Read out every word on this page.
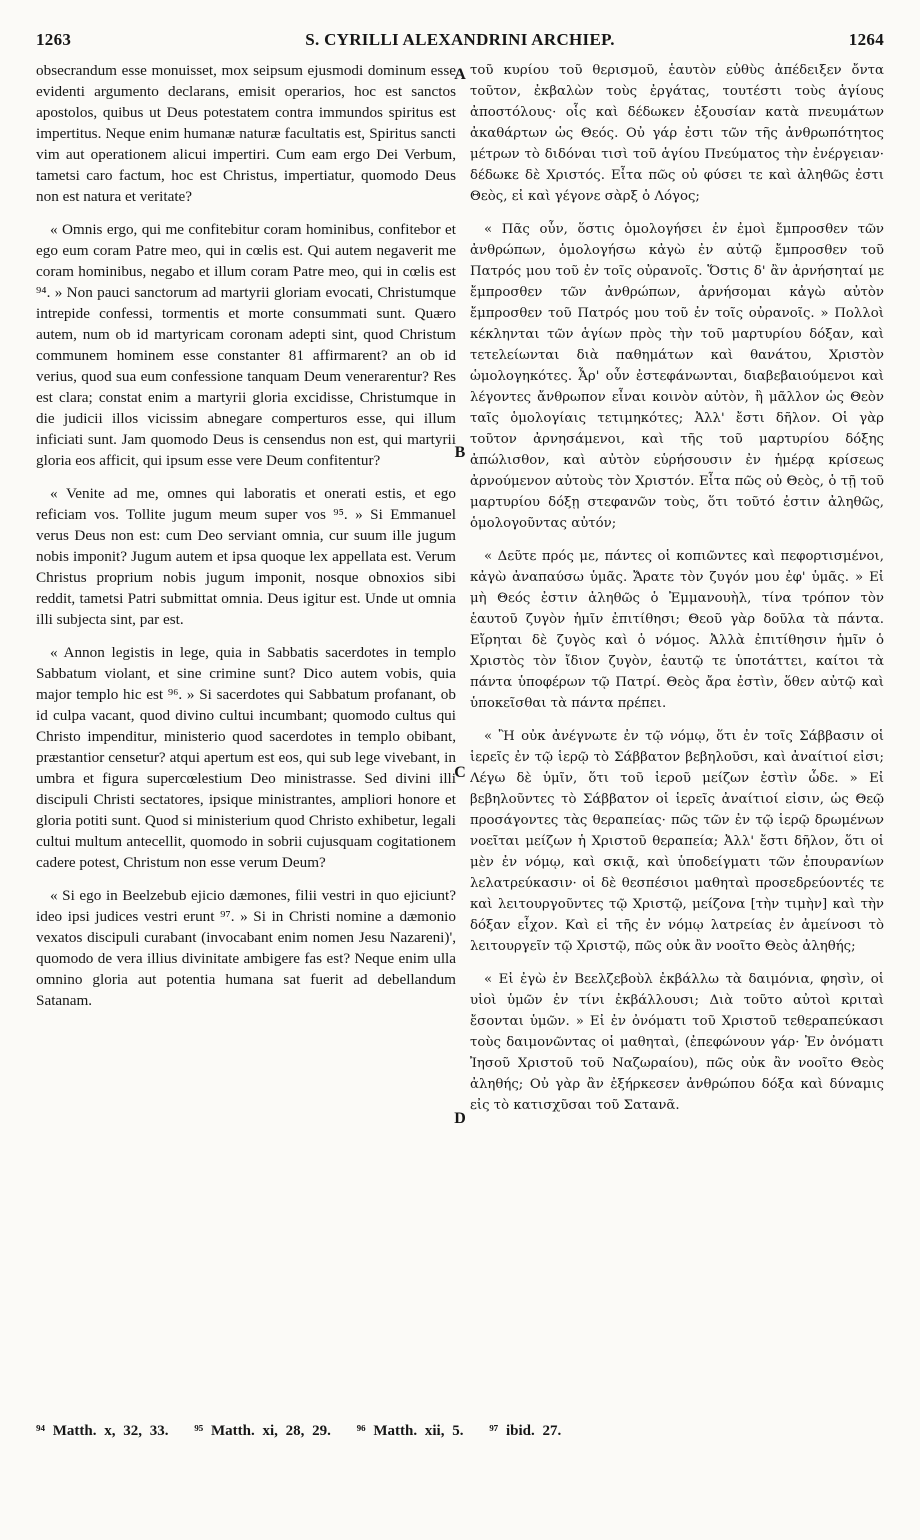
1263	S. CYRILLI ALEXANDRINI ARCHIEP.	1264

obsecrandum esse monuisset, mox seipsum ejusmodi dominum esse evidenti argumento declarans, emisit operarios, hoc est sanctos apostolos, quibus ut Deus potestatem contra immundos spiritus est impertitus. Neque enim humanæ naturæ facultatis est, Spiritus sancti vim aut operationem alicui impertiri. Cum eam ergo Dei Verbum, tametsi caro factum, hoc est Christus, impertiatur, quomodo Deus non est natura et veritate?

« Omnis ergo, qui me confitebitur coram hominibus, confitebor et ego eum coram Patre meo, qui in cœlis est. Qui autem negaverit me coram hominibus, negabo et illum coram Patre meo, qui in cœlis est ⁹⁴. » Non pauci sanctorum ad martyrii gloriam evocati, Christumque intrepide confessi, tormentis et morte consummati sunt. Quæro autem, num ob id martyricam coronam adepti sint, quod Christum communem hominem esse constanter 81 affirmarent? an ob id verius, quod sua eum confessione tanquam Deum venerarentur? Res est clara; constat enim a martyrii gloria excidisse, Christumque in die judicii illos vicissim abnegare comperturos esse, qui illum inficiati sunt. Jam quomodo Deus is censendus non est, qui martyrii gloria eos afficit, qui ipsum esse vere Deum confitentur?

« Venite ad me, omnes qui laboratis et onerati estis, et ego reficiam vos. Tollite jugum meum super vos ⁹⁵. » Si Emmanuel verus Deus non est: cum Deo serviant omnia, cur suum ille jugum nobis imponit? Jugum autem et ipsa quoque lex appellata est. Verum Christus proprium nobis jugum imponit, nosque obnoxios sibi reddit, tametsi Patri submittat omnia. Deus igitur est. Unde ut omnia illi subjecta sint, par est.

« Annon legistis in lege, quia in Sabbatis sacerdotes in templo Sabbatum violant, et sine crimine sunt? Dico autem vobis, quia major templo hic est ⁹⁶. » Si sacerdotes qui Sabbatum profanant, ob id culpa vacant, quod divino cultui incumbant; quomodo cultus qui Christo impenditur, ministerio quod sacerdotes in templo obibant, præstantior censetur? atqui apertum est eos, qui sub lege vivebant, in umbra et figura supercœlestium Deo ministrasse. Sed divini illi discipuli Christi sectatores, ipsique ministrantes, ampliori honore et gloria potiti sunt. Quod si ministerium quod Christo exhibetur, legali cultui multum antecellit, quomodo in sobrii cujusquam cogitationem cadere potest, Christum non esse verum Deum?

« Si ego in Beelzebub ejicio dæmones, filii vestri in quo ejiciunt? ideo ipsi judices vestri erunt ⁹⁷. » Si in Christi nomine a dæmonio vexatos discipuli curabant (invocabant enim nomen Jesu Nazareni)', quomodo de vera illius divinitate ambigere fas est? Neque enim ulla omnino gloria aut potentia humana sat fuerit ad debellandum Satanam.

A
B
C
D

τοῦ κυρίου τοῦ θερισμοῦ, ἑαυτὸν εὐθὺς ἀπέδειξεν ὄντα τοῦτον, ἐκβαλὼν τοὺς ἐργάτας, τουτέστι τοὺς ἁγίους ἀποστόλους· οἷς καὶ δέδωκεν ἐξουσίαν κατὰ πνευμάτων ἀκαθάρτων ὡς Θεός. Οὐ γάρ ἐστι τῶν τῆς ἀνθρωπότητος μέτρων τὸ διδόναι τισὶ τοῦ ἁγίου Πνεύματος τὴν ἐνέργειαν· δέδωκε δὲ Χριστός. Εἶτα πῶς οὐ φύσει τε καὶ ἀληθῶς ἐστι Θεὸς, εἰ καὶ γέγονε σὰρξ ὁ Λόγος;

« Πᾶς οὖν, ὅστις ὁμολογήσει ἐν ἐμοὶ ἔμπροσθεν τῶν ἀνθρώπων, ὁμολογήσω κἀγὼ ἐν αὐτῷ ἔμπροσθεν τοῦ Πατρός μου τοῦ ἐν τοῖς οὐρανοῖς. Ὅστις δ' ἂν ἀρνήσηταί με ἔμπροσθεν τῶν ἀνθρώπων, ἀρνήσομαι κἀγὼ αὐτὸν ἔμπροσθεν τοῦ Πατρός μου τοῦ ἐν τοῖς οὐρανοῖς. » Πολλοὶ κέκληνται τῶν ἁγίων πρὸς τὴν τοῦ μαρτυρίου δόξαν, καὶ τετελείωνται διὰ παθημάτων καὶ θανάτου, Χριστὸν ὡμολογηκότες. Ἆρ' οὖν ἐστεφάνωνται, διαβεβαιούμενοι καὶ λέγοντες ἄνθρωπον εἶναι κοινὸν αὐτὸν, ἢ μᾶλλον ὡς Θεὸν ταῖς ὁμολογίαις τετιμηκότες; Ἀλλ' ἔστι δῆλον. Οἱ γὰρ τοῦτον ἀρνησάμενοι, καὶ τῆς τοῦ μαρτυρίου δόξης ἀπώλισθον, καὶ αὐτὸν εὑρήσουσιν ἐν ἡμέρᾳ κρίσεως ἀρνούμενον αὐτοὺς τὸν Χριστόν. Εἶτα πῶς οὐ Θεὸς, ὁ τῇ τοῦ μαρτυρίου δόξῃ στεφανῶν τοὺς, ὅτι τοῦτό ἐστιν ἀληθῶς, ὁμολογοῦντας αὐτόν;

« Δεῦτε πρός με, πάντες οἱ κοπιῶντες καὶ πεφορτισμένοι, κἀγὼ ἀναπαύσω ὑμᾶς. Ἄρατε τὸν ζυγόν μου ἐφ' ὑμᾶς. » Εἰ μὴ Θεός ἐστιν ἀληθῶς ὁ Ἐμμανουὴλ, τίνα τρόπον τὸν ἑαυτοῦ ζυγὸν ἡμῖν ἐπιτίθησι; Θεοῦ γὰρ δοῦλα τὰ πάντα. Εἴρηται δὲ ζυγὸς καὶ ὁ νόμος. Ἀλλὰ ἐπιτίθησιν ἡμῖν ὁ Χριστὸς τὸν ἴδιον ζυγὸν, ἑαυτῷ τε ὑποτάττει, καίτοι τὰ πάντα ὑποφέρων τῷ Πατρί. Θεὸς ἄρα ἐστὶν, ὅθεν αὐτῷ καὶ ὑποκεῖσθαι τὰ πάντα πρέπει.

« Ἢ οὐκ ἀνέγνωτε ἐν τῷ νόμῳ, ὅτι ἐν τοῖς Σάββασιν οἱ ἱερεῖς ἐν τῷ ἱερῷ τὸ Σάββατον βεβηλοῦσι, καὶ ἀναίτιοί εἰσι; Λέγω δὲ ὑμῖν, ὅτι τοῦ ἱεροῦ μείζων ἐστὶν ὧδε. » Εἰ βεβηλοῦντες τὸ Σάββατον οἱ ἱερεῖς ἀναίτιοί εἰσιν, ὡς Θεῷ προσάγοντες τὰς θεραπείας· πῶς τῶν ἐν τῷ ἱερῷ δρωμένων νοεῖται μείζων ἡ Χριστοῦ θεραπεία; Ἀλλ' ἔστι δῆλον, ὅτι οἱ μὲν ἐν νόμῳ, καὶ σκιᾷ, καὶ ὑποδείγματι τῶν ἐπουρανίων λελατρεύκασιν· οἱ δὲ θεσπέσιοι μαθηταὶ προσεδρεύοντές τε καὶ λειτουργοῦντες τῷ Χριστῷ, μείζονα [τὴν τιμὴν] καὶ τὴν δόξαν εἶχον. Καὶ εἰ τῆς ἐν νόμῳ λατρείας ἐν ἀμείνοσι τὸ λειτουργεῖν τῷ Χριστῷ, πῶς οὐκ ἂν νοοῖτο Θεὸς ἀληθής;

« Εἰ ἐγὼ ἐν Βεελζεβοὺλ ἐκβάλλω τὰ δαιμόνια, φησὶν, οἱ υἱοὶ ὑμῶν ἐν τίνι ἐκβάλλουσι; Διὰ τοῦτο αὐτοὶ κριταὶ ἔσονται ὑμῶν. » Εἰ ἐν ὀνόματι τοῦ Χριστοῦ τεθεραπεύκασι τοὺς δαιμονῶντας οἱ μαθηταὶ, (ἐπεφώνουν γάρ· Ἐν ὀνόματι Ἰησοῦ Χριστοῦ τοῦ Ναζωραίου), πῶς οὐκ ἂν νοοῖτο Θεὸς ἀληθής; Οὐ γὰρ ἂν ἐξήρκεσεν ἀνθρώπου δόξα καὶ δύναμις εἰς τὸ κατισχῦσαι τοῦ Σατανᾶ.

⁹⁴ Matth. x, 32, 33. ⁹⁵ Matth. xi, 28, 29. ⁹⁶ Matth. xii, 5. ⁹⁷ ibid. 27.
